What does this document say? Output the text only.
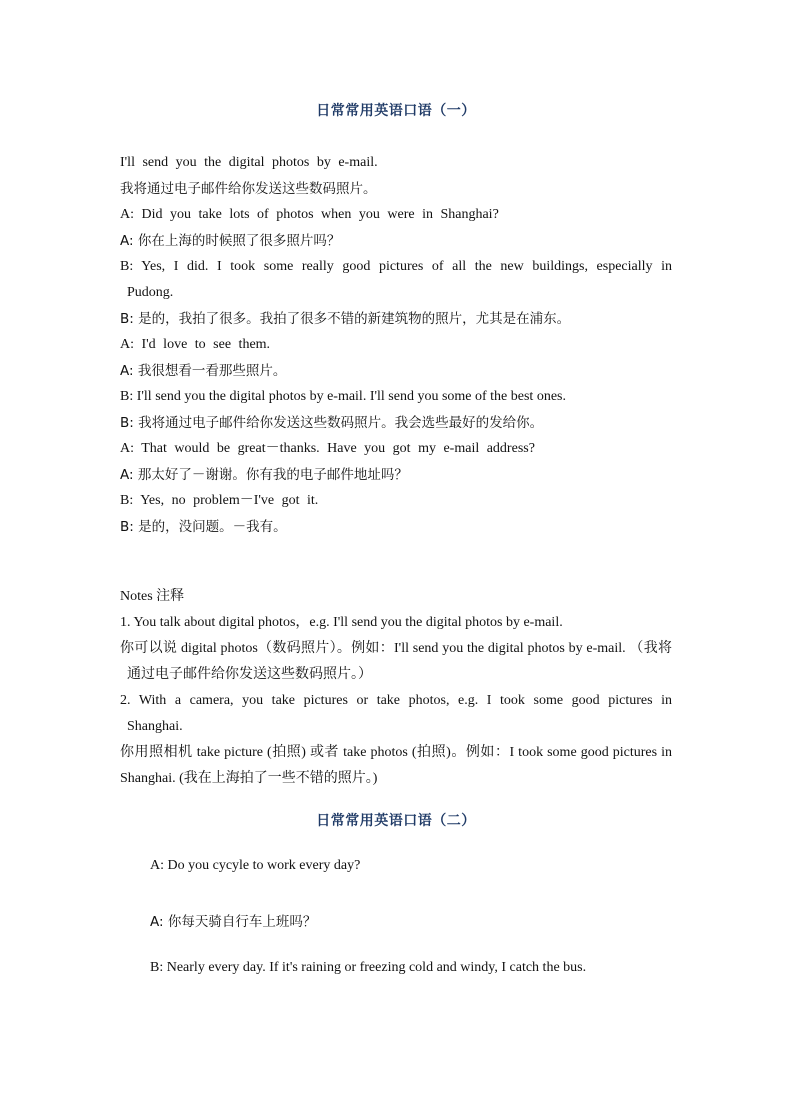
日常常用英语口语（一）
I'll send you the digital photos by e-mail.
我将通过电子邮件给你发送这些数码照片。
A: Did you take lots of photos when you were in Shanghai?
A: 你在上海的时候照了很多照片吗？
B: Yes, I did. I took some really good pictures of all the new buildings, especially in Pudong.
B: 是的，我拍了很多。我拍了很多不错的新建筑物的照片，尤其是在浦东。
A: I'd love to see them.
A: 我很想看一看那些照片。
B: I'll send you the digital photos by e-mail. I'll send you some of the best ones.
B: 我将通过电子邮件给你发送这些数码照片。我会选些最好的发给你。
A: That would be great－thanks. Have you got my e-mail address?
A: 那太好了－谢谢。你有我的电子邮件地址吗？
B: Yes, no problem－I've got it.
B: 是的，没问题。－我有。
Notes 注释
1. You talk about digital photos，e.g. I'll send you the digital photos by e-mail.
你可以说 digital photos（数码照片）。例如：I'll send you the digital photos by e-mail. （我将通过电子邮件给你发送这些数码照片。）
2. With a camera, you take pictures or take photos, e.g. I took some good pictures in Shanghai.
你用照相机 take picture (拍照) 或者 take photos (拍照)。例如：I took some good pictures in Shanghai. (我在上海拍了一些不错的照片。)
日常常用英语口语（二）
A: Do you cycyle to work every day?
A: 你每天骑自行车上班吗？
B: Nearly every day. If it's raining or freezing cold and windy, I catch the bus.
